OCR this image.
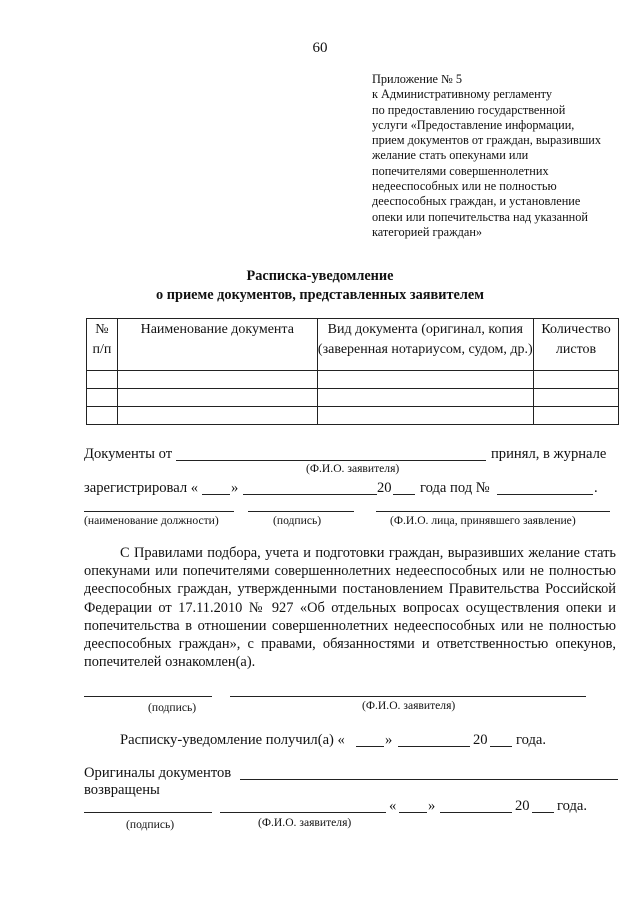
60
Приложение № 5
к Административному регламенту
по предоставлению государственной
услуги «Предоставление информации,
прием документов от граждан, выразивших
желание стать опекунами или
попечителями совершеннолетних
недееспособных или не полностью
дееспособных граждан, и установление
опеки или попечительства над указанной
категорией граждан»
Расписка-уведомление
о приеме документов, представленных заявителем
№ п/п	Наименование документа	Вид документа (оригинал, копия (заверенная нотариусом, судом, др.)	Количество листов

Документы от	принял, в журнале
(Ф.И.О. заявителя)
зарегистрировал « »	20 года под №	.
(наименование должности)	(подпись)	(Ф.И.О. лица, принявшего заявление)

С Правилами подбора, учета и подготовки граждан, выразивших желание стать опекунами или попечителями совершеннолетних недееспособных или не полностью дееспособных граждан, утвержденными постановлением Правительства Российской Федерации от 17.11.2010 № 927 «Об отдельных вопросах осуществления опеки и попечительства в отношении совершеннолетних недееспособных или не полностью дееспособных граждан», с правами, обязанностями и ответственностью опекунов, попечителей ознакомлен(а).

(подпись)	(Ф.И.О. заявителя)
Расписку-уведомление получил(а) «	»	20 года.
Оригиналы документов
возвращены
« »	20 года.
(подпись)	(Ф.И.О. заявителя)
